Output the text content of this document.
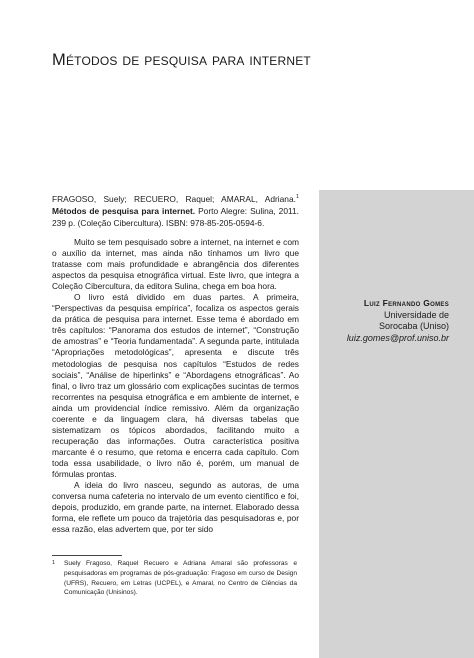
Métodos de pesquisa para internet
Luiz Fernando Gomes
Universidade de
Sorocaba (Uniso)
luiz.gomes@prof.uniso.br
FRAGOSO, Suely; RECUERO, Raquel; AMARAL, Adriana.$^1$ Métodos de pesquisa para internet. Porto Alegre: Sulina, 2011. 239 p. (Coleção Cibercultura). ISBN: 978-85-205-0594-6.

Muito se tem pesquisado sobre a internet, na internet e com o auxílio da internet, mas ainda não tínhamos um livro que tratasse com mais profundidade e abrangência dos diferentes aspectos da pesquisa etnográfica virtual. Este livro, que integra a Coleção Cibercultura, da editora Sulina, chega em boa hora.

O livro está dividido em duas partes. A primeira, “Perspectivas da pesquisa empírica”, focaliza os aspectos gerais da prática de pesquisa para internet. Esse tema é abordado em três capítulos: “Panorama dos estudos de internet”, “Construção de amostras” e “Teoria fundamentada”. A segunda parte, intitulada “Apropriações metodológicas”, apresenta e discute três metodologias de pesquisa nos capítulos “Estudos de redes sociais”, “Análise de hiperlinks” e “Abordagens etnográficas”. Ao final, o livro traz um glossário com explicações sucintas de termos recorrentes na pesquisa etnográfica e em ambiente de internet, e ainda um providencial índice remissivo. Além da organização coerente e da linguagem clara, há diversas tabelas que sistematizam os tópicos abordados, facilitando muito a recuperação das informações. Outra característica positiva marcante é o resumo, que retoma e encerra cada capítulo. Com toda essa usabilidade, o livro não é, porém, um manual de fórmulas prontas.

A ideia do livro nasceu, segundo as autoras, de uma conversa numa cafeteria no intervalo de um evento científico e foi, depois, produzido, em grande parte, na internet. Elaborado dessa forma, ele reflete um pouco da trajetória das pesquisadoras e, por essa razão, elas advertem que, por ter sido

1 Suely Fragoso, Raquel Recuero e Adriana Amaral são professoras e pesquisadoras em programas de pós-graduação: Fragoso em curso de Design (UFRS), Recuero, em Letras (UCPEL), e Amaral, no Centro de Ciências da Comunicação (Unisinos).
